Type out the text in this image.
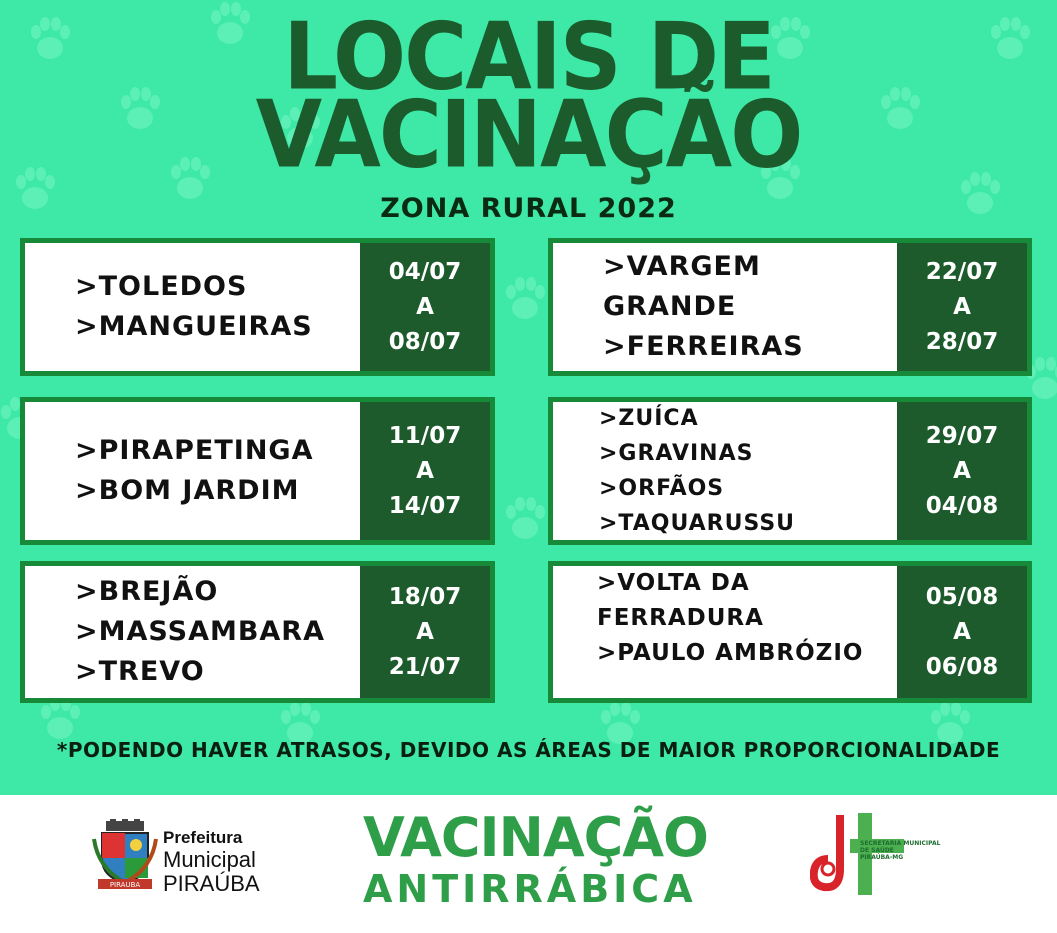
LOCAIS DE
VACINAÇÃO
ZONA RURAL 2022
>TOLEDOS
>MANGUEIRAS
04/07
A
08/07
>VARGEM GRANDE
>FERREIRAS
22/07
A
28/07
>PIRAPETINGA
>BOM JARDIM
11/07
A
14/07
>ZUÍCA
>GRAVINAS
>ORFÃOS
>TAQUARUSSU
29/07
A
04/08
>BREJÃO
>MASSAMBARA
>TREVO
18/07
A
21/07
>VOLTA DA FERRADURA
>PAULO AMBRÓZIO
05/08
A
06/08
*PODENDO HAVER ATRASOS, DEVIDO AS ÁREAS DE MAIOR PROPORCIONALIDADE
PIRAUBA
Prefeitura
Municipal
PIRAÚBA
VACINAÇÃO
ANTIRRÁBICA
SECRETARIA MUNICIPAL
DE SAÚDE
PIRAÚBA-MG
